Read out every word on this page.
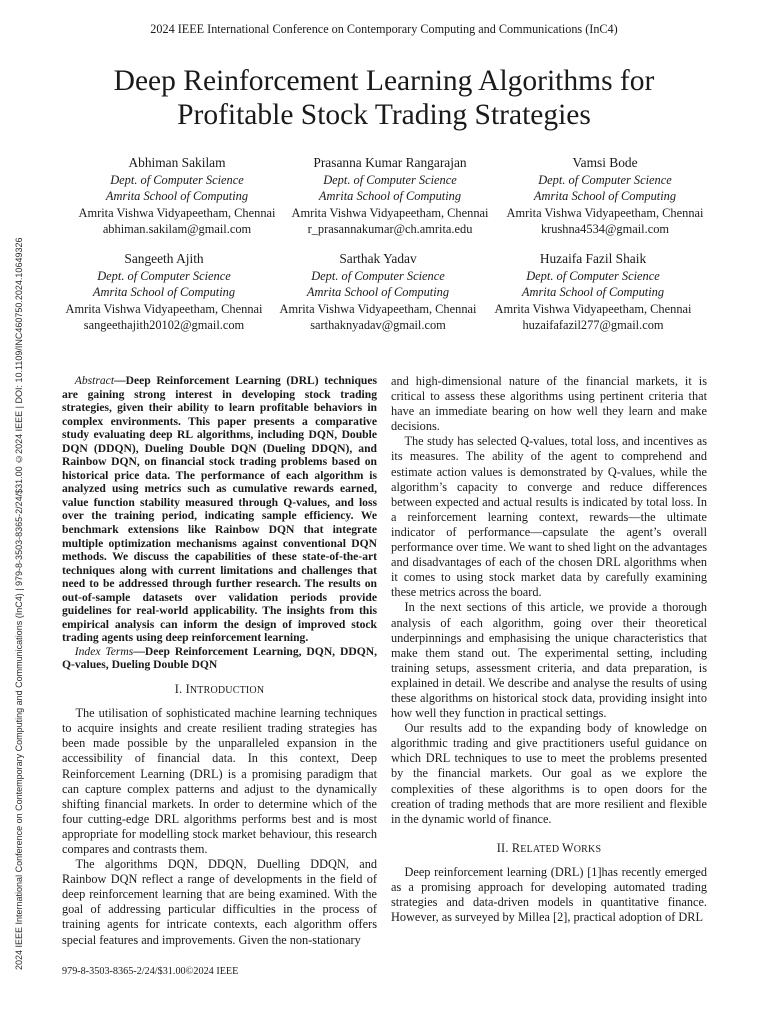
2024 IEEE International Conference on Contemporary Computing and Communications (InC4) | 979-8-3503-8365-2/24/$31.00 ©2024 IEEE | DOI: 10.1109/INC460750.2024.10649326
2024 IEEE International Conference on Contemporary Computing and Communications (InC4)
Deep Reinforcement Learning Algorithms for
Profitable Stock Trading Strategies
Abhiman Sakilam
Dept. of Computer Science
Amrita School of Computing
Amrita Vishwa Vidyapeetham, Chennai
abhiman.sakilam@gmail.com
Prasanna Kumar Rangarajan
Dept. of Computer Science
Amrita School of Computing
Amrita Vishwa Vidyapeetham, Chennai
r_prasannakumar@ch.amrita.edu
Vamsi Bode
Dept. of Computer Science
Amrita School of Computing
Amrita Vishwa Vidyapeetham, Chennai
krushna4534@gmail.com
Sangeeth Ajith
Dept. of Computer Science
Amrita School of Computing
Amrita Vishwa Vidyapeetham, Chennai
sangeethajith20102@gmail.com
Sarthak Yadav
Dept. of Computer Science
Amrita School of Computing
Amrita Vishwa Vidyapeetham, Chennai
sarthaknyadav@gmail.com
Huzaifa Fazil Shaik
Dept. of Computer Science
Amrita School of Computing
Amrita Vishwa Vidyapeetham, Chennai
huzaifafazil277@gmail.com

Abstract—Deep Reinforcement Learning (DRL) techniques are gaining strong interest in developing stock trading strategies, given their ability to learn profitable behaviors in complex environments. This paper presents a comparative study evaluating deep RL algorithms, including DQN, Double DQN (DDQN), Dueling Double DQN (Dueling DDQN), and Rainbow DQN, on financial stock trading problems based on historical price data. The performance of each algorithm is analyzed using metrics such as cumulative rewards earned, value function stability measured through Q-values, and loss over the training period, indicating sample efficiency. We benchmark extensions like Rainbow DQN that integrate multiple optimization mechanisms against conventional DQN methods. We discuss the capabilities of these state-of-the-art techniques along with current limitations and challenges that need to be addressed through further research. The results on out-of-sample datasets over validation periods provide guidelines for real-world applicability. The insights from this empirical analysis can inform the design of improved stock trading agents using deep reinforcement learning.

Index Terms—Deep Reinforcement Learning, DQN, DDQN, Q-values, Dueling Double DQN

I. INTRODUCTION

The utilisation of sophisticated machine learning techniques to acquire insights and create resilient trading strategies has been made possible by the unparalleled expansion in the accessibility of financial data. In this context, Deep Reinforcement Learning (DRL) is a promising paradigm that can capture complex patterns and adjust to the dynamically shifting financial markets. In order to determine which of the four cutting-edge DRL algorithms performs best and is most appropriate for modelling stock market behaviour, this research compares and contrasts them.

The algorithms DQN, DDQN, Duelling DDQN, and Rainbow DQN reflect a range of developments in the field of deep reinforcement learning that are being examined. With the goal of addressing particular difficulties in the process of training agents for intricate contexts, each algorithm offers special features and improvements. Given the non-stationary

and high-dimensional nature of the financial markets, it is critical to assess these algorithms using pertinent criteria that have an immediate bearing on how well they learn and make decisions.

The study has selected Q-values, total loss, and incentives as its measures. The ability of the agent to comprehend and estimate action values is demonstrated by Q-values, while the algorithm’s capacity to converge and reduce differences between expected and actual results is indicated by total loss. In a reinforcement learning context, rewards—the ultimate indicator of performance—capsulate the agent’s overall performance over time. We want to shed light on the advantages and disadvantages of each of the chosen DRL algorithms when it comes to using stock market data by carefully examining these metrics across the board.

In the next sections of this article, we provide a thorough analysis of each algorithm, going over their theoretical underpinnings and emphasising the unique characteristics that make them stand out. The experimental setting, including training setups, assessment criteria, and data preparation, is explained in detail. We describe and analyse the results of using these algorithms on historical stock data, providing insight into how well they function in practical settings.

Our results add to the expanding body of knowledge on algorithmic trading and give practitioners useful guidance on which DRL techniques to use to meet the problems presented by the financial markets. Our goal as we explore the complexities of these algorithms is to open doors for the creation of trading methods that are more resilient and flexible in the dynamic world of finance.

II. RELATED WORKS

Deep reinforcement learning (DRL) [1]has recently emerged as a promising approach for developing automated trading strategies and data-driven models in quantitative finance. However, as surveyed by Millea [2], practical adoption of DRL

979-8-3503-8365-2/24/$31.00©2024 IEEE
